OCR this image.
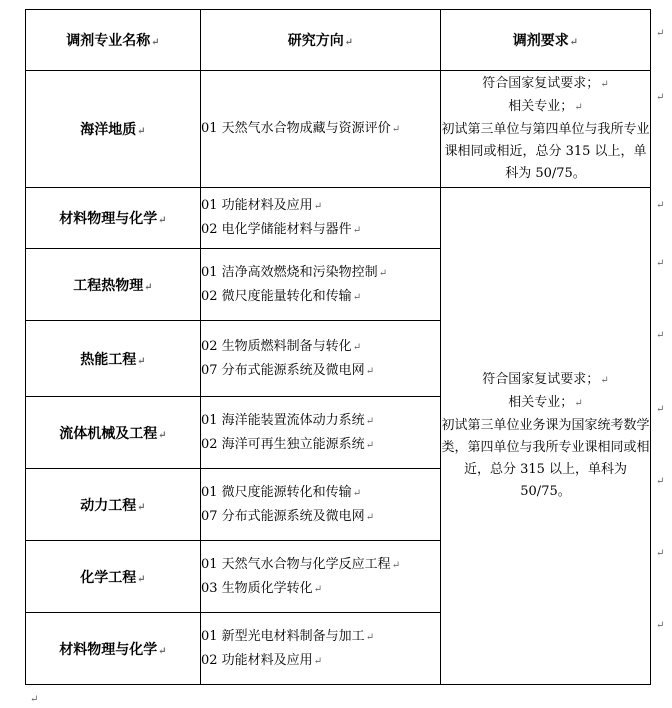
调剂专业名称↵	研究方向↵	调剂要求↵
海洋地质↵	01 天然气水合物成藏与资源评价↵	符合国家复试要求；↵
相关专业；↵
初试第三单位与第四单位与我所专业课相同或相近，总分 315 以上，单科为 50/75。

材料物理与化学↵	01 功能材料及应用↵
02 电化学储能材料与器件↵	符合国家复试要求；↵
相关专业；↵
初试第三单位业务课为国家统考数学类，第四单位与我所专业课相同或相近，总分 315 以上，单科为 50/75。

工程热物理↵	01 洁净高效燃烧和污染物控制↵
02 微尺度能量转化和传输↵	

热能工程↵	02 生物质燃料制备与转化↵
07 分布式能源系统及微电网↵	

流体机械及工程↵	01 海洋能装置流体动力系统↵
02 海洋可再生独立能源系统↵	

动力工程↵	01 微尺度能源转化和传输↵
07 分布式能源系统及微电网↵	

化学工程↵	01 天然气水合物与化学反应工程↵
03 生物质化学转化↵	

材料物理与化学↵	01 新型光电材料制备与加工↵
02 功能材料及应用↵	
↵
↵
↵
↵
↵
↵
↵
↵
↵
↵
